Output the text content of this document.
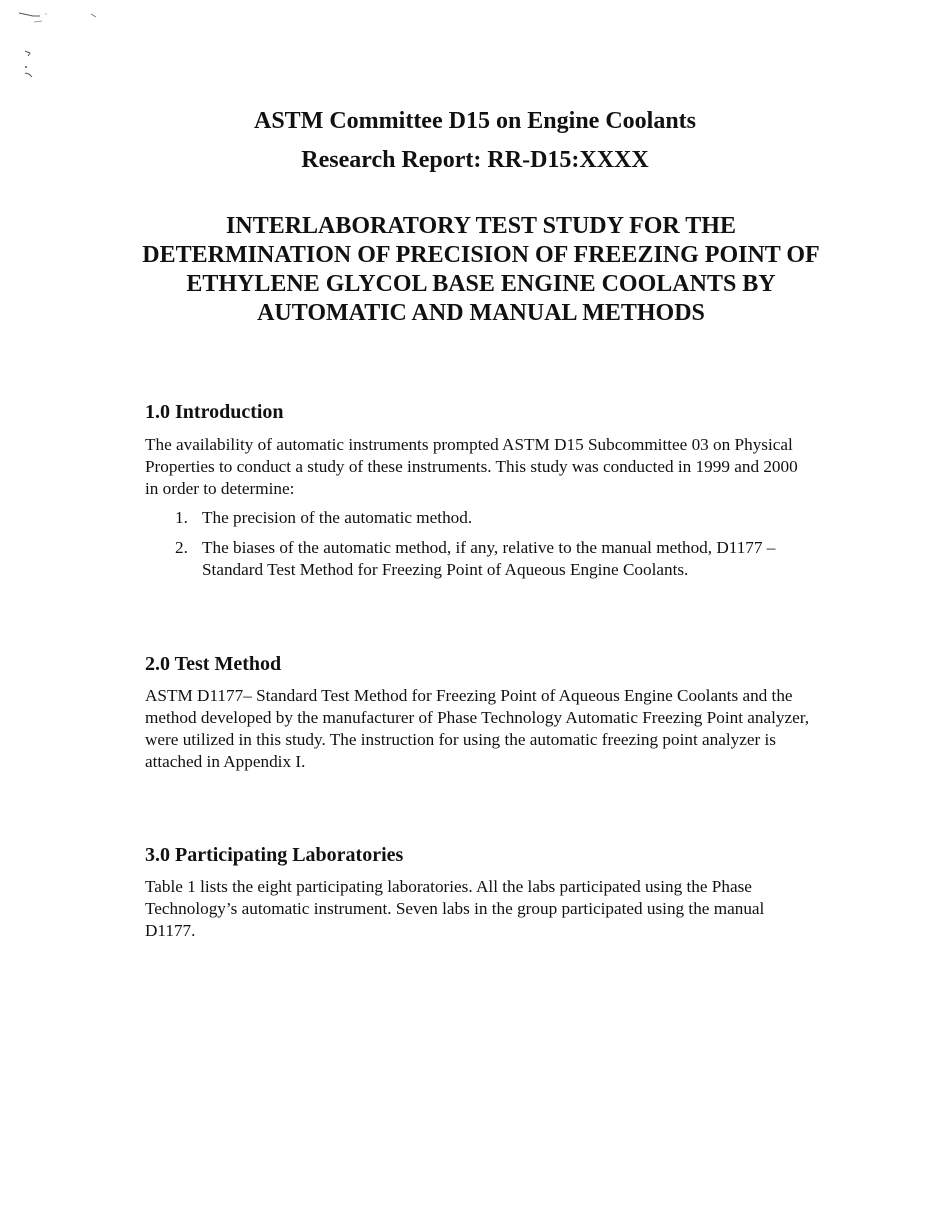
ASTM Committee D15 on Engine Coolants
Research Report: RR-D15:XXXX
INTERLABORATORY TEST STUDY FOR THE DETERMINATION OF PRECISION OF FREEZING POINT OF ETHYLENE GLYCOL BASE ENGINE COOLANTS BY AUTOMATIC AND MANUAL METHODS
1.0 Introduction

The availability of automatic instruments prompted ASTM D15 Subcommittee 03 on Physical Properties to conduct a study of these instruments. This study was conducted in 1999 and 2000 in order to determine:

1. The precision of the automatic method.
2. The biases of the automatic method, if any, relative to the manual method, D1177 – Standard Test Method for Freezing Point of Aqueous Engine Coolants.
2.0 Test Method

ASTM D1177– Standard Test Method for Freezing Point of Aqueous Engine Coolants and the method developed by the manufacturer of Phase Technology Automatic Freezing Point analyzer, were utilized in this study. The instruction for using the automatic freezing point analyzer is attached in Appendix I.

3.0 Participating Laboratories

Table 1 lists the eight participating laboratories. All the labs participated using the Phase Technology’s automatic instrument. Seven labs in the group participated using the manual D1177.
